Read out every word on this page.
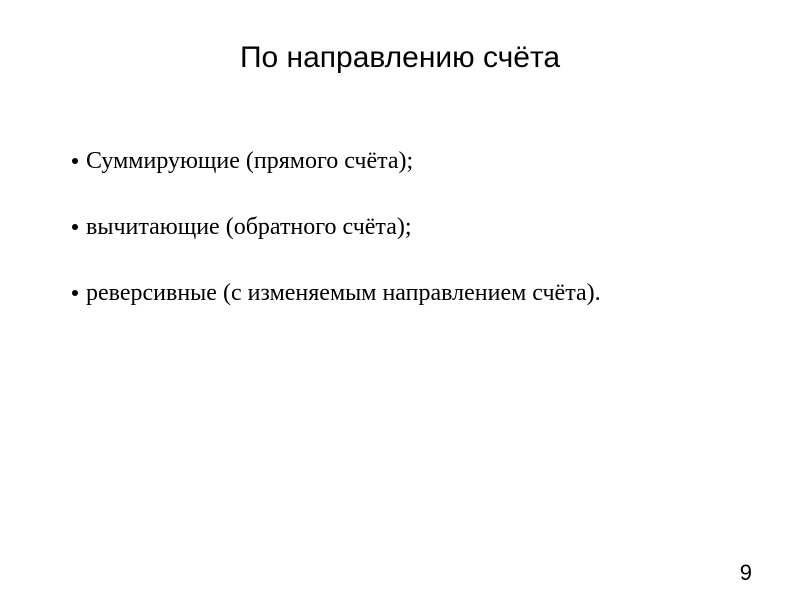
По направлению счёта
Суммирующие (прямого счёта);
вычитающие (обратного счёта);
реверсивные (с изменяемым направлением счёта).
9
